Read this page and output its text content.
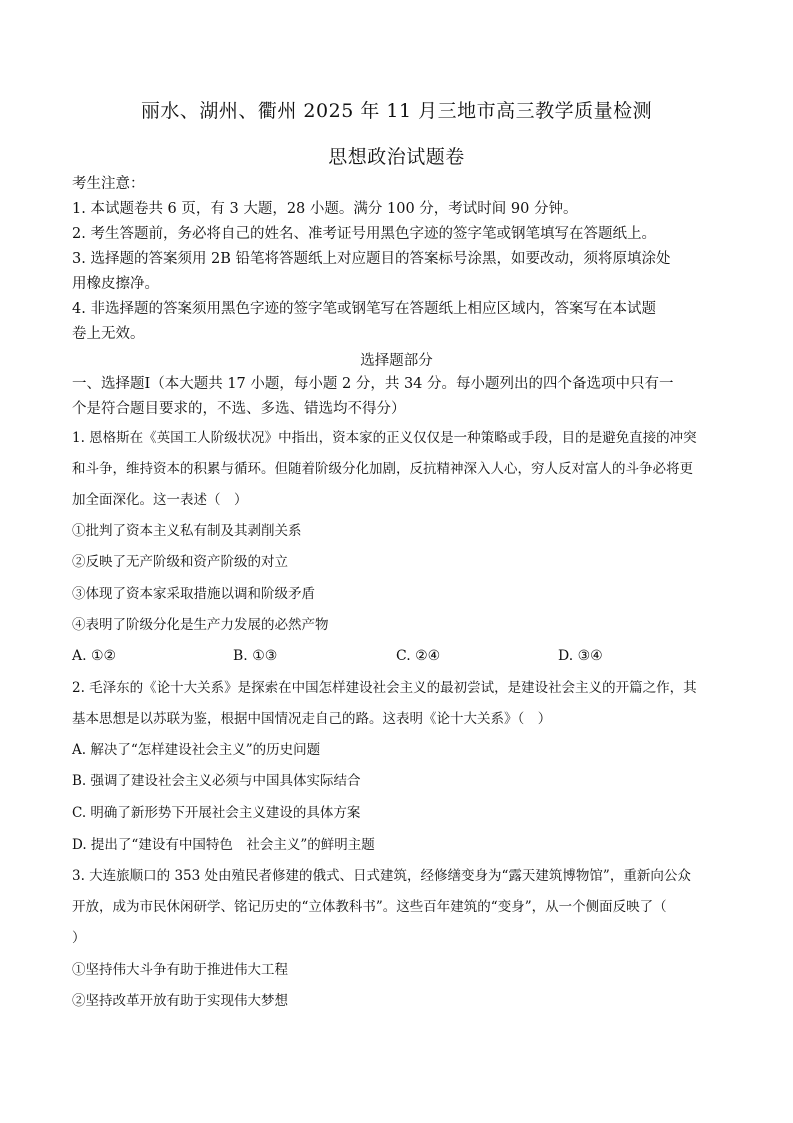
丽水、湖州、衢州 2025 年 11 月三地市高三教学质量检测
思想政治试题卷
考生注意：
1. 本试题卷共 6 页，有 3 大题，28 小题。满分 100 分，考试时间 90 分钟。
2. 考生答题前，务必将自己的姓名、准考证号用黑色字迹的签字笔或钢笔填写在答题纸上。
3. 选择题的答案须用 2B 铅笔将答题纸上对应题目的答案标号涂黑，如要改动，须将原填涂处
用橡皮擦净。
4. 非选择题的答案须用黑色字迹的签字笔或钢笔写在答题纸上相应区域内，答案写在本试题
卷上无效。
选择题部分
一、选择题Ⅰ（本大题共 17 小题，每小题 2 分，共 34 分。每小题列出的四个备选项中只有一
个是符合题目要求的，不选、多选、错选均不得分）
1. 恩格斯在《英国工人阶级状况》中指出，资本家的正义仅仅是一种策略或手段，目的是避免直接的冲突
和斗争，维持资本的积累与循环。但随着阶级分化加剧，反抗精神深入人心，穷人反对富人的斗争必将更
加全面深化。这一表述（　）
①批判了资本主义私有制及其剥削关系
②反映了无产阶级和资产阶级的对立
③体现了资本家采取措施以调和阶级矛盾
④表明了阶级分化是生产力发展的必然产物
A. ①②	B. ①③	C. ②④	D. ③④
2. 毛泽东的《论十大关系》是探索在中国怎样建设社会主义的最初尝试，是建设社会主义的开篇之作，其
基本思想是以苏联为鉴，根据中国情况走自己的路。这表明《论十大关系》（　）
A. 解决了“怎样建设社会主义”的历史问题
B. 强调了建设社会主义必须与中国具体实际结合
C. 明确了新形势下开展社会主义建设的具体方案
D. 提出了“建设有中国特色　社会主义”的鲜明主题
3. 大连旅顺口的 353 处由殖民者修建的俄式、日式建筑，经修缮变身为“露天建筑博物馆”，重新向公众
开放，成为市民休闲研学、铭记历史的“立体教科书”。这些百年建筑的“变身”，从一个侧面反映了（
）
①坚持伟大斗争有助于推进伟大工程
②坚持改革开放有助于实现伟大梦想
